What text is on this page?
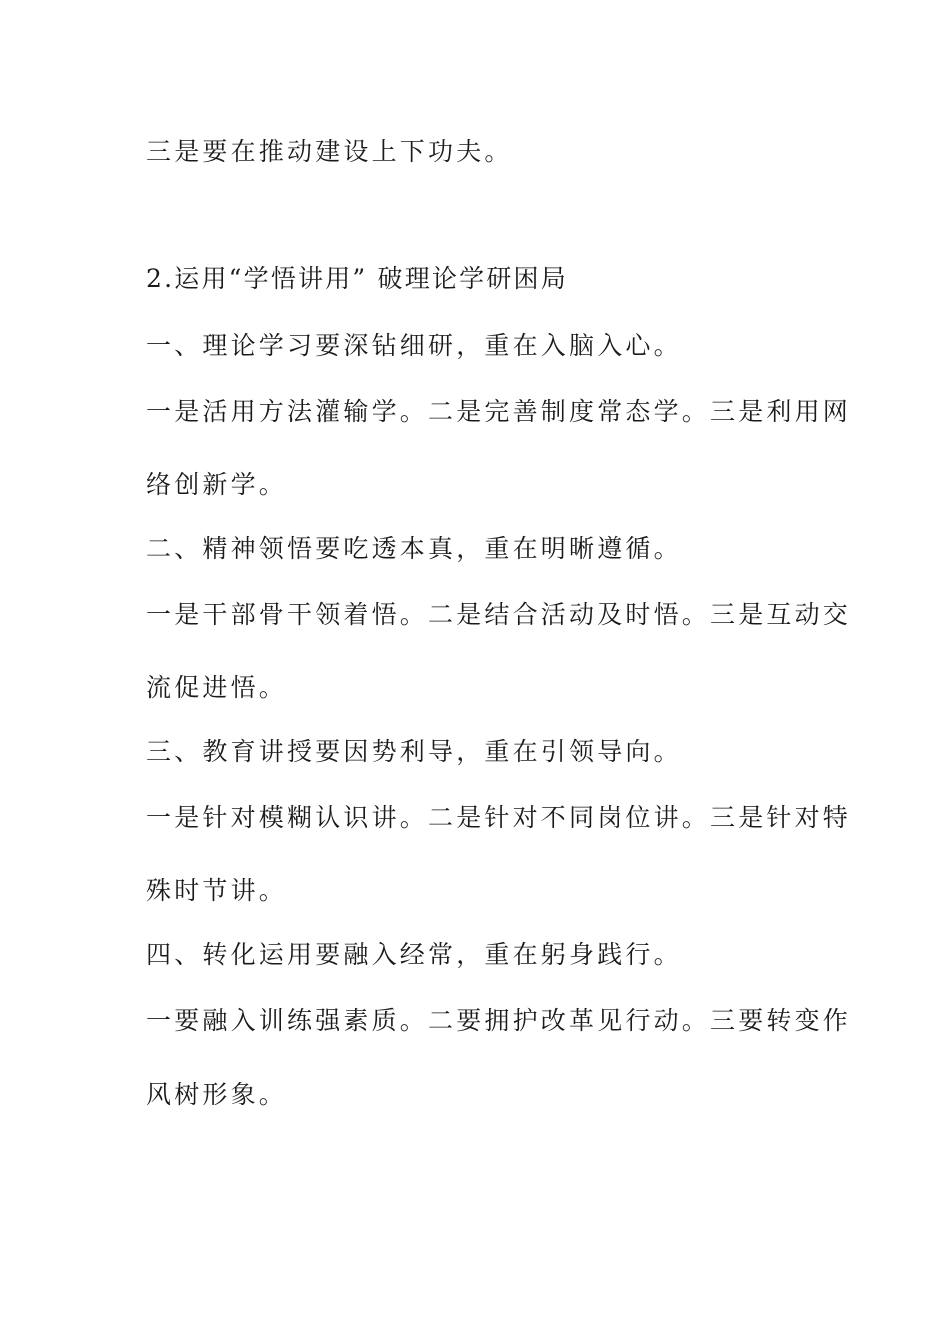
三是要在推动建设上下功夫。
2.运用“学悟讲用” 破理论学研困局
一、理论学习要深钻细研，重在入脑入心。
一是活用方法灌输学。二是完善制度常态学。三是利用网
络创新学。
二、精神领悟要吃透本真，重在明晰遵循。
一是干部骨干领着悟。二是结合活动及时悟。三是互动交
流促进悟。
三、教育讲授要因势利导，重在引领导向。
一是针对模糊认识讲。二是针对不同岗位讲。三是针对特
殊时节讲。
四、转化运用要融入经常，重在躬身践行。
一要融入训练强素质。二要拥护改革见行动。三要转变作
风树形象。
